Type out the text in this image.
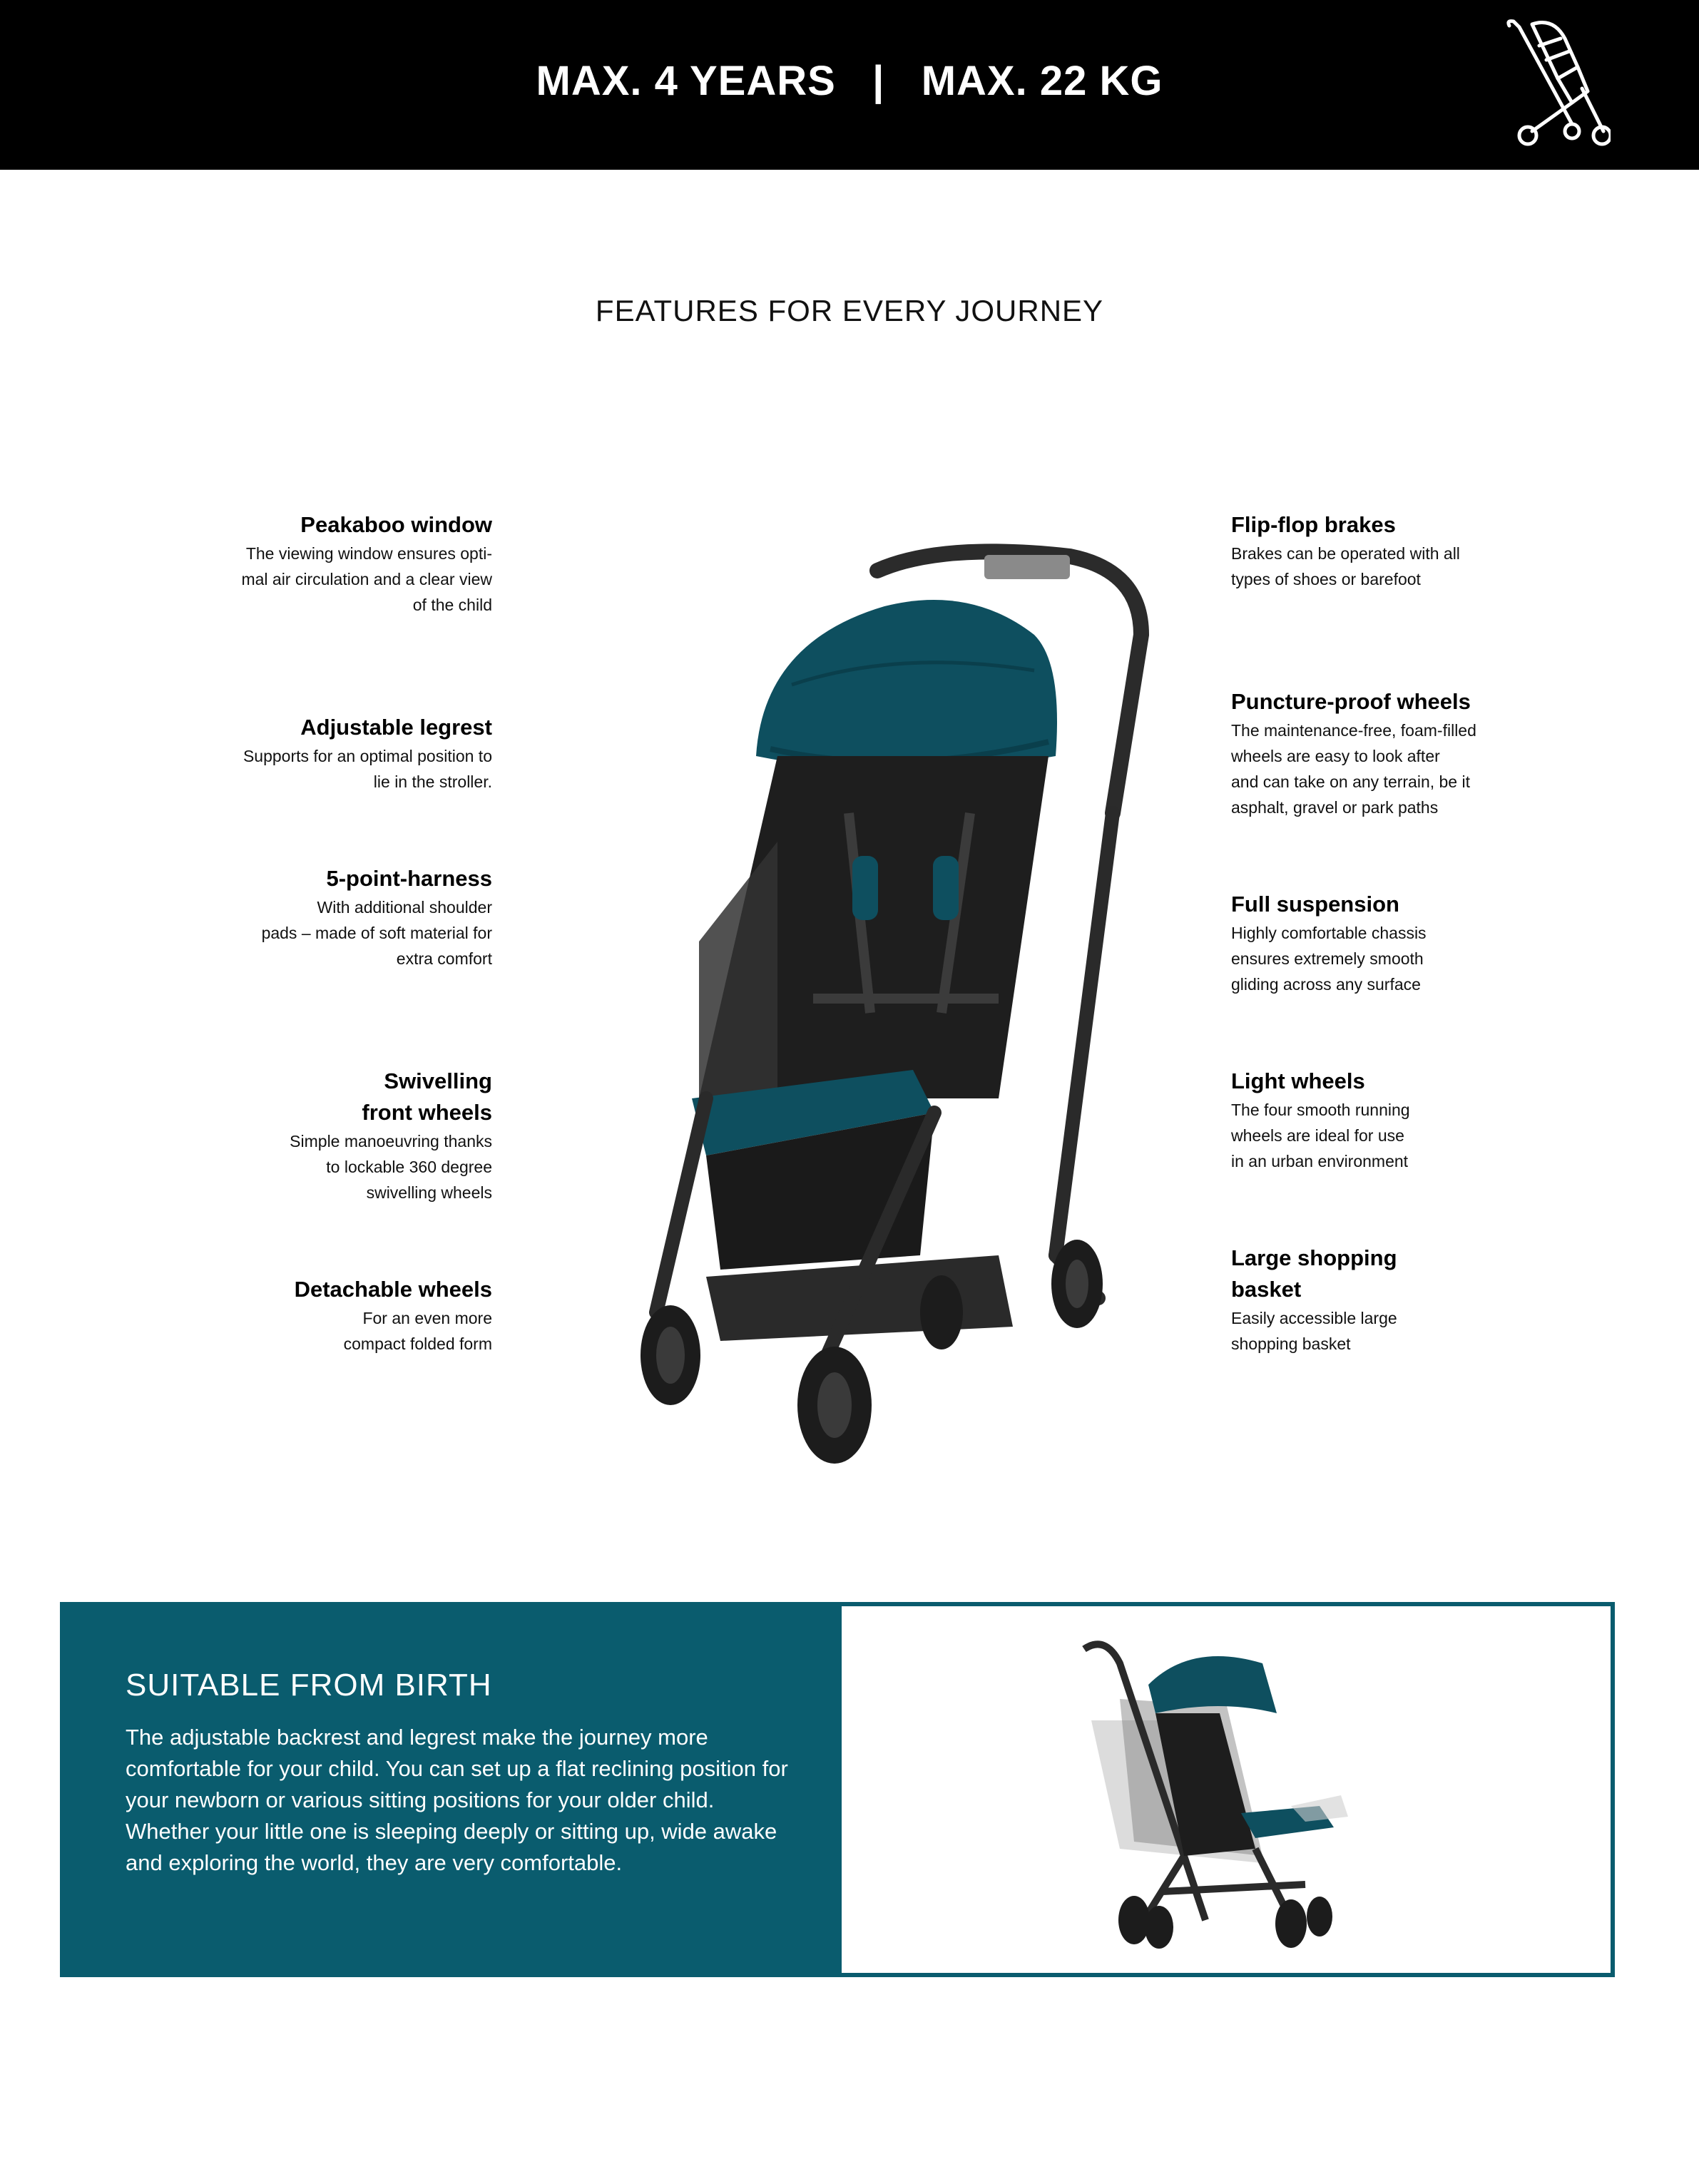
MAX. 4 YEARS   |   MAX. 22 KG
FEATURES FOR EVERY JOURNEY
Peakaboo window
The viewing window ensures opti-
mal air circulation and a clear view
of the child
Adjustable legrest
Supports for an optimal position to
lie in the stroller.
5-point-harness
With additional shoulder
pads – made of soft material for
extra comfort
Swivelling
front wheels
Simple manoeuvring thanks
to lockable 360 degree
swivelling wheels
Detachable wheels
For an even more
compact folded form
Flip-flop brakes
Brakes can be operated with all
types of shoes or barefoot
Puncture-proof wheels
The maintenance-free, foam-filled
wheels are easy to look after
and can take on any terrain, be it
asphalt, gravel or park paths
Full suspension
Highly comfortable chassis
ensures extremely smooth
gliding across any surface
Light wheels
The four smooth running
wheels are ideal for use
in an urban environment
Large shopping
basket
Easily accessible large
shopping basket
SUITABLE FROM BIRTH
The adjustable backrest and legrest make the journey more comfortable for your child. You can set up a flat reclining position for your newborn or various sitting positions for your older child. Whether your little one is sleeping deeply or sitting up, wide awake and exploring the world, they are very comfortable.
